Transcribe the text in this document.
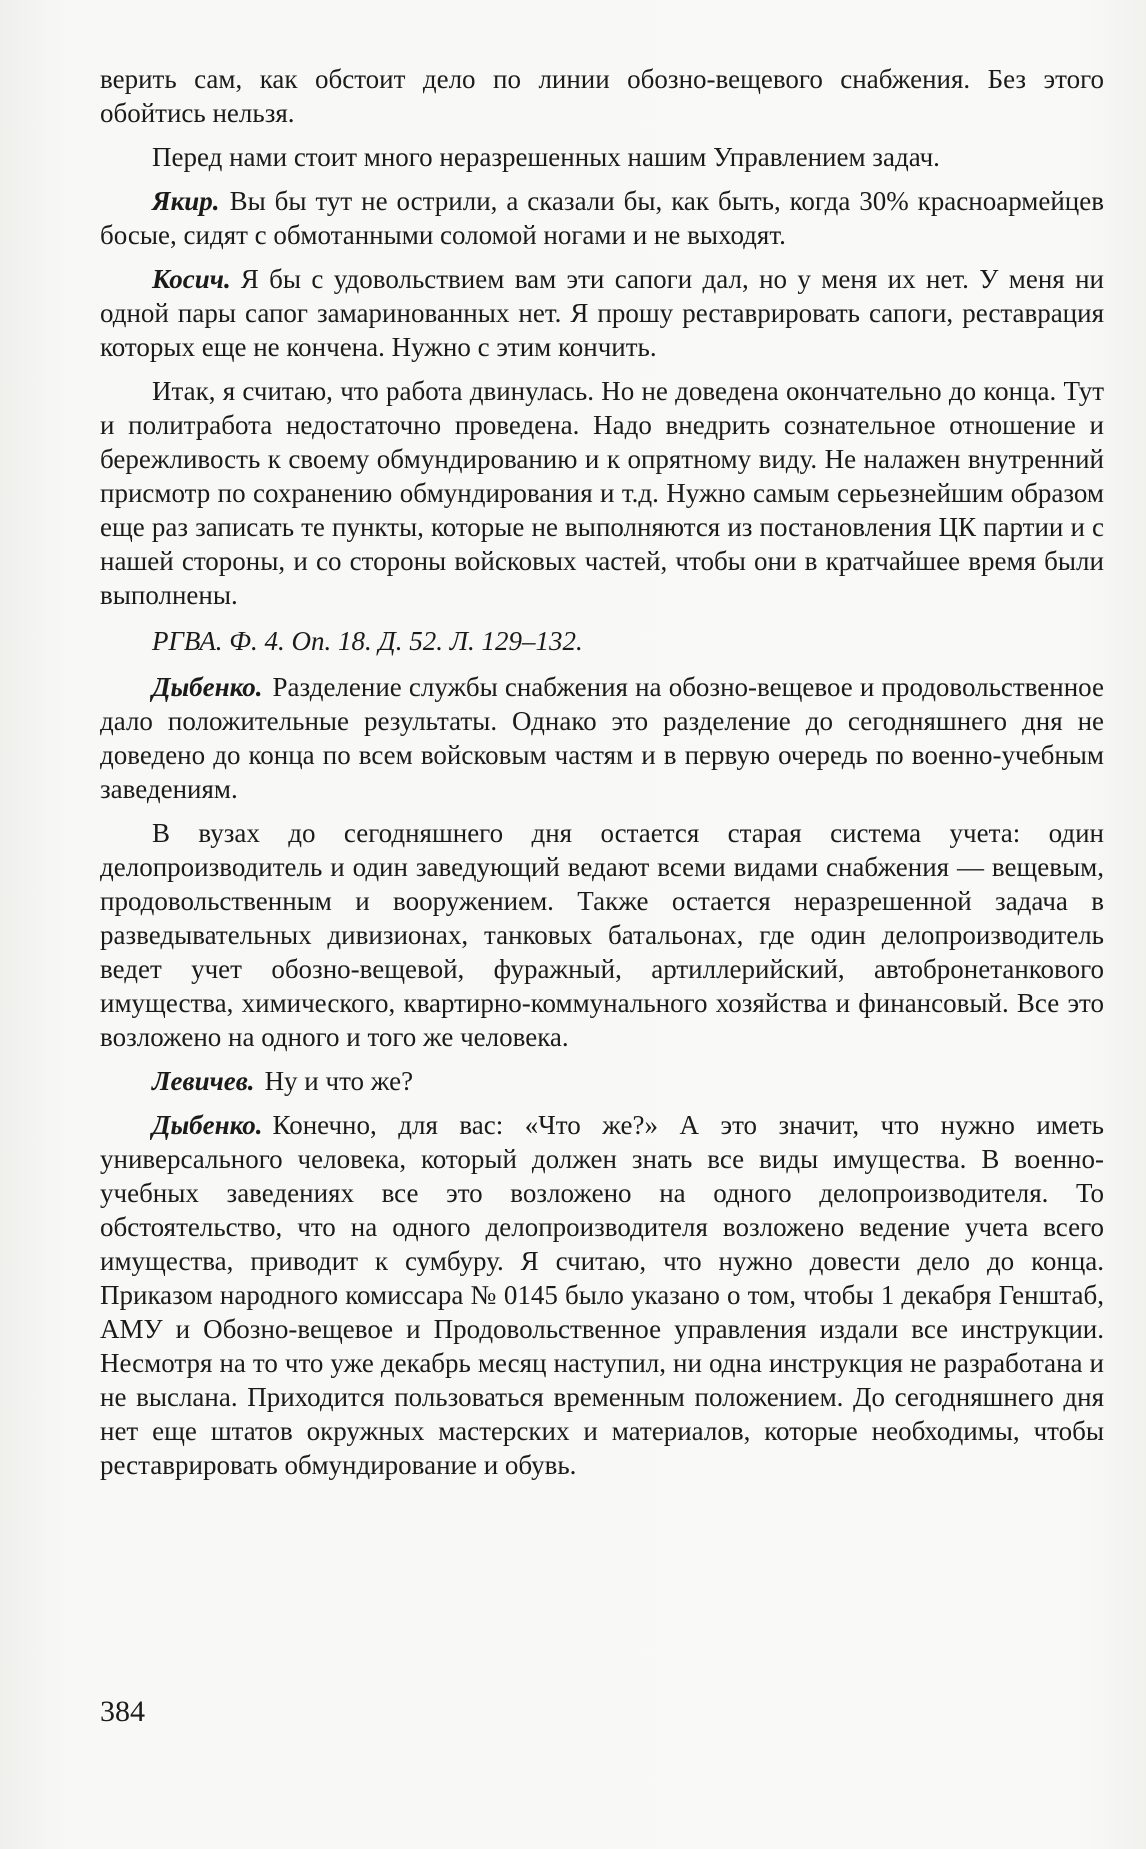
верить сам, как обстоит дело по линии обозно-вещевого снабжения. Без этого обойтись нельзя.

Перед нами стоит много неразрешенных нашим Управлением задач.

Якир. Вы бы тут не острили, а сказали бы, как быть, когда 30% красноармейцев босые, сидят с обмотанными соломой ногами и не выходят.

Косич. Я бы с удовольствием вам эти сапоги дал, но у меня их нет. У меня ни одной пары сапог замаринованных нет. Я прошу реставрировать сапоги, реставрация которых еще не кончена. Нужно с этим кончить.

Итак, я считаю, что работа двинулась. Но не доведена окончательно до конца. Тут и политработа недостаточно проведена. Надо внедрить сознательное отношение и бережливость к своему обмундированию и к опрятному виду. Не налажен внутренний присмотр по сохранению обмундирования и т.д. Нужно самым серьезнейшим образом еще раз записать те пункты, которые не выполняются из постановления ЦК партии и с нашей стороны, и со стороны войсковых частей, чтобы они в кратчайшее время были выполнены.

РГВА. Ф. 4. Оп. 18. Д. 52. Л. 129–132.

Дыбенко. Разделение службы снабжения на обозно-вещевое и продовольственное дало положительные результаты. Однако это разделение до сегодняшнего дня не доведено до конца по всем войсковым частям и в первую очередь по военно-учебным заведениям.

В вузах до сегодняшнего дня остается старая система учета: один делопроизводитель и один заведующий ведают всеми видами снабжения — вещевым, продовольственным и вооружением. Также остается неразрешенной задача в разведывательных дивизионах, танковых батальонах, где один делопроизводитель ведет учет обозно-вещевой, фуражный, артиллерийский, автобронетанкового имущества, химического, квартирно-коммунального хозяйства и финансовый. Все это возложено на одного и того же человека.

Левичев. Ну и что же?

Дыбенко. Конечно, для вас: «Что же?» А это значит, что нужно иметь универсального человека, который должен знать все виды имущества. В военно-учебных заведениях все это возложено на одного делопроизводителя. То обстоятельство, что на одного делопроизводителя возложено ведение учета всего имущества, приводит к сумбуру. Я считаю, что нужно довести дело до конца. Приказом народного комиссара № 0145 было указано о том, чтобы 1 декабря Генштаб, АМУ и Обозно-вещевое и Продовольственное управления издали все инструкции. Несмотря на то что уже декабрь месяц наступил, ни одна инструкция не разработана и не выслана. Приходится пользоваться временным положением. До сегодняшнего дня нет еще штатов окружных мастерских и материалов, которые необходимы, чтобы реставрировать обмундирование и обувь.

384
